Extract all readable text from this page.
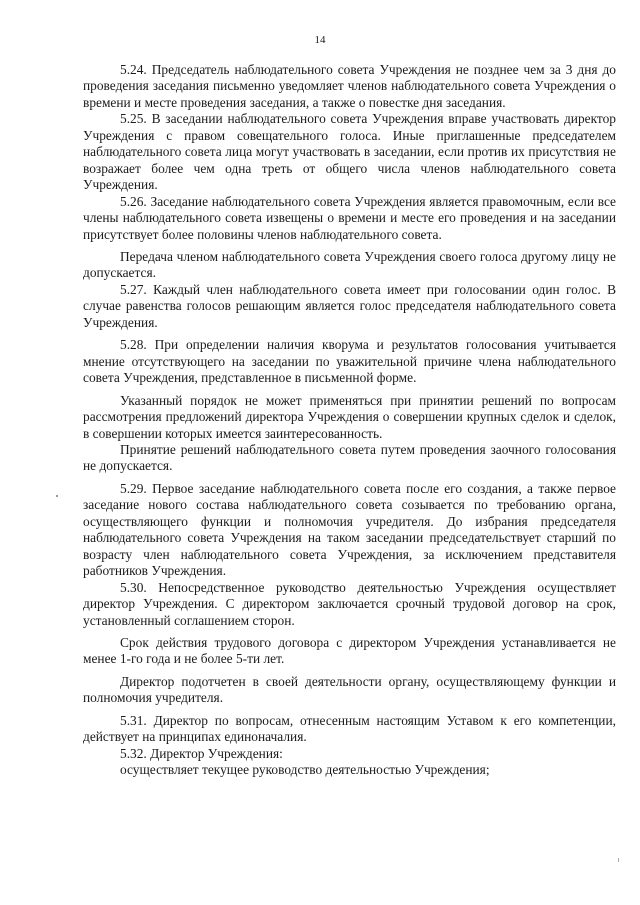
14

5.24. Председатель наблюдательного совета Учреждения не позднее чем за 3 дня до проведения заседания письменно уведомляет членов наблюдательного совета Учреждения о времени и месте проведения заседания, а также о повестке дня заседания.

5.25. В заседании наблюдательного совета Учреждения вправе участвовать директор Учреждения с правом совещательного голоса. Иные приглашенные председателем наблюдательного совета лица могут участвовать в заседании, если против их присутствия не возражает более чем одна треть от общего числа членов наблюдательного совета Учреждения.

5.26. Заседание наблюдательного совета Учреждения является правомочным, если все члены наблюдательного совета извещены о времени и месте его проведения и на заседании присутствует более половины членов наблюдательного совета.

Передача членом наблюдательного совета Учреждения своего голоса другому лицу не допускается.

5.27. Каждый член наблюдательного совета имеет при голосовании один голос. В случае равенства голосов решающим является голос председателя наблюдательного совета Учреждения.

5.28. При определении наличия кворума и результатов голосования учитывается мнение отсутствующего на заседании по уважительной причине члена наблюдательного совета Учреждения, представленное в письменной форме.

Указанный порядок не может применяться при принятии решений по вопросам рассмотрения предложений директора Учреждения о совершении крупных сделок и сделок, в совершении которых имеется заинтересованность.

Принятие решений наблюдательного совета путем проведения заочного голосования не допускается.

5.29. Первое заседание наблюдательного совета после его создания, а также первое заседание нового состава наблюдательного совета созывается по требованию органа, осуществляющего функции и полномочия учредителя. До избрания председателя наблюдательного совета Учреждения на таком заседании председательствует старший по возрасту член наблюдательного совета Учреждения, за исключением представителя работников Учреждения.

5.30. Непосредственное руководство деятельностью Учреждения осуществляет директор Учреждения. С директором заключается срочный трудовой договор на срок, установленный соглашением сторон.

Срок действия трудового договора с директором Учреждения устанавливается не менее 1-го года и не более 5-ти лет.

Директор подотчетен в своей деятельности органу, осуществляющему функции и полномочия учредителя.

5.31. Директор по вопросам, отнесенным настоящим Уставом к его компетенции, действует на принципах единоначалия.

5.32. Директор Учреждения:

осуществляет текущее руководство деятельностью Учреждения;
